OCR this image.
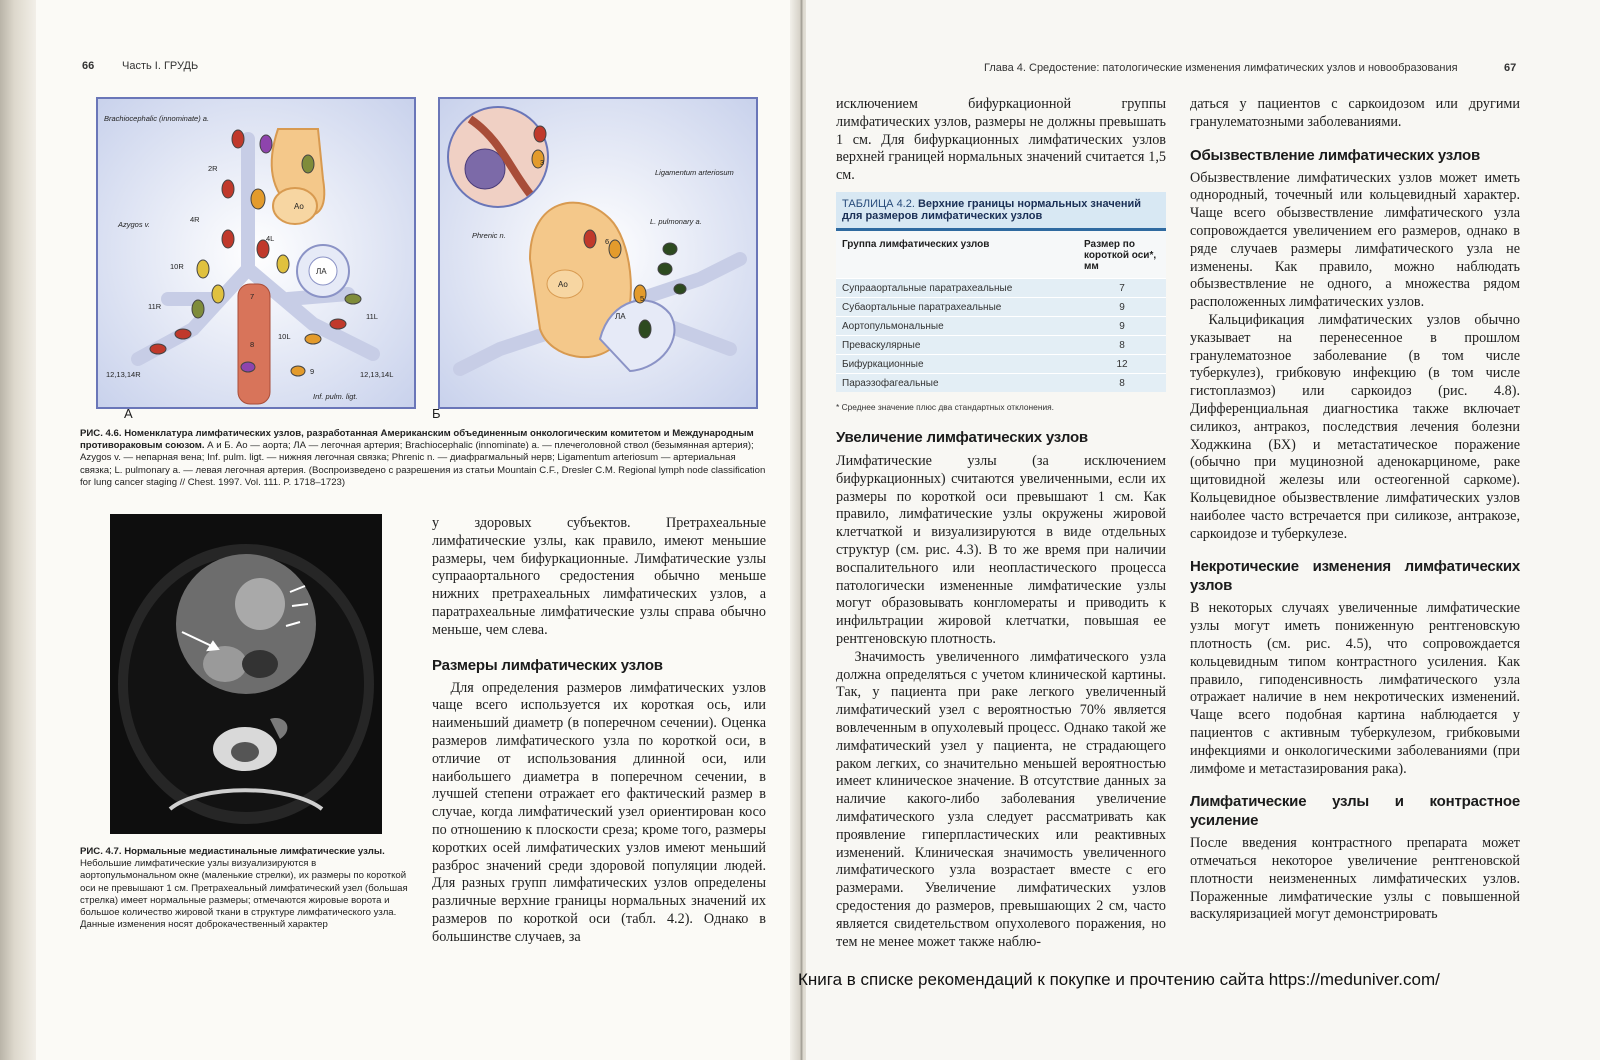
66	Часть I. ГРУДЬ
Brachiocephalic (innominate) a.
Azygos v.
Ao
ЛА
2R
4R
4L
10R
11R
11L
7
8
10L
9
12,13,14R	12,13,14L
Inf. pulm. ligt.
А
Phrenic n.
Ligamentum arteriosum
L. pulmonary a.
3
6
5
Ao
ЛА
Б
РИС. 4.6. Номенклатура лимфатических узлов, разработанная Американским объединенным онкологическим комитетом и Международным противораковым союзом. А и Б. Ао — аорта; ЛА — легочная артерия; Brachiocephalic (innominate) a. — плечеголовной ствол (безымянная артерия); Azygos v. — непарная вена; Inf. pulm. ligt. — нижняя легочная связка; Phrenic n. — диафрагмальный нерв; Ligamentum arteriosum — артериальная связка; L. pulmonary a. — левая легочная артерия. (Воспроизведено с разрешения из статьи Mountain C.F., Dresler C.M. Regional lymph node classification for lung cancer staging // Chest. 1997. Vol. 111. P. 1718–1723)
РИС. 4.7. Нормальные медиастинальные лимфатические узлы. Небольшие лимфатические узлы визуализируются в аортопульмональном окне (маленькие стрелки), их размеры по короткой оси не превышают 1 см. Претрахеальный лимфатический узел (большая стрелка) имеет нормальные размеры; отмечаются жировые ворота и большое количество жировой ткани в структуре лимфатического узла. Данные изменения носят доброкачественный характер

у здоровых субъектов. Претрахеальные лимфатические узлы, как правило, имеют меньшие размеры, чем бифуркационные. Лимфатические узлы супрааортального средостения обычно меньше нижних претрахеальных лимфатических узлов, а паратрахеальные лимфатические узлы справа обычно меньше, чем слева.

Размеры лимфатических узлов

Для определения размеров лимфатических узлов чаще всего используется их короткая ось, или наименьший диаметр (в поперечном сечении). Оценка размеров лимфатического узла по короткой оси, в отличие от использования длинной оси, или наибольшего диаметра в поперечном сечении, в лучшей степени отражает его фактический размер в случае, когда лимфатический узел ориентирован косо по отношению к плоскости среза; кроме того, размеры коротких осей лимфатических узлов имеют меньший разброс значений среди здоровой популяции людей. Для разных групп лимфатических узлов определены различные верхние границы нормальных значений их размеров по короткой оси (табл. 4.2). Однако в большинстве случаев, за

Глава 4. Средостение: патологические изменения лимфатических узлов и новообразования	67

исключением бифуркационной группы лимфатических узлов, размеры не должны превышать 1 см. Для бифуркационных лимфатических узлов верхней границей нормальных значений считается 1,5 см.

ТАБЛИЦА 4.2. Верхние границы нормальных значений для размеров лимфатических узлов
Группа лимфатических узлов	Размер по короткой оси*, мм
Супрааортальные паратрахеальные	7
Субаортальные паратрахеальные	9
Аортопульмональные	9
Преваскулярные	8
Бифуркационные	12
Параэзофагеальные	8
* Среднее значение плюс два стандартных отклонения.
Увеличение лимфатических узлов

Лимфатические узлы (за исключением бифуркационных) считаются увеличенными, если их размеры по короткой оси превышают 1 см. Как правило, лимфатические узлы окружены жировой клетчаткой и визуализируются в виде отдельных структур (см. рис. 4.3). В то же время при наличии воспалительного или неопластического процесса патологически измененные лимфатические узлы могут образовывать конгломераты и приводить к инфильтрации жировой клетчатки, повышая ее рентгеновскую плотность.

Значимость увеличенного лимфатического узла должна определяться с учетом клинической картины. Так, у пациента при раке легкого увеличенный лимфатический узел с вероятностью 70% является вовлеченным в опухолевый процесс. Однако такой же лимфатический узел у пациента, не страдающего раком легких, со значительно меньшей вероятностью имеет клиническое значение. В отсутствие данных за наличие какого-либо заболевания увеличение лимфатического узла следует рассматривать как проявление гиперпластических или реактивных изменений. Клиническая значимость увеличенного лимфатического узла возрастает вместе с его размерами. Увеличение лимфатических узлов средостения до размеров, превышающих 2 см, часто является свидетельством опухолевого поражения, но тем не менее может также наблю-

даться у пациентов с саркоидозом или другими гранулематозными заболеваниями.

Обызвествление лимфатических узлов

Обызвествление лимфатических узлов может иметь однородный, точечный или кольцевидный характер. Чаще всего обызвествление лимфатического узла сопровождается увеличением его размеров, однако в ряде случаев размеры лимфатического узла не изменены. Как правило, можно наблюдать обызвествление не одного, а множества рядом расположенных лимфатических узлов.

Кальцификация лимфатических узлов обычно указывает на перенесенное в прошлом гранулематозное заболевание (в том числе туберкулез), грибковую инфекцию (в том числе гистоплазмоз) или саркоидоз (рис. 4.8). Дифференциальная диагностика также включает силикоз, антракоз, последствия лечения болезни Ходжкина (БХ) и метастатическое поражение (обычно при муцинозной аденокарциноме, раке щитовидной железы или остеогенной саркоме). Кольцевидное обызвествление лимфатических узлов наиболее часто встречается при силикозе, антракозе, саркоидозе и туберкулезе.

Некротические изменения лимфатических узлов

В некоторых случаях увеличенные лимфатические узлы могут иметь пониженную рентгеновскую плотность (см. рис. 4.5), что сопровождается кольцевидным типом контрастного усиления. Как правило, гиподенсивность лимфатического узла отражает наличие в нем некротических изменений. Чаще всего подобная картина наблюдается у пациентов с активным туберкулезом, грибковыми инфекциями и онкологическими заболеваниями (при лимфоме и метастазирования рака).

Лимфатические узлы и контрастное усиление

После введения контрастного препарата может отмечаться некоторое увеличение рентгеновской плотности неизмененных лимфатических узлов. Пораженные лимфатические узлы с повышенной васкуляризацией могут демонстрировать

Книга в списке рекомендаций к покупке и прочтению сайта https://meduniver.com/
